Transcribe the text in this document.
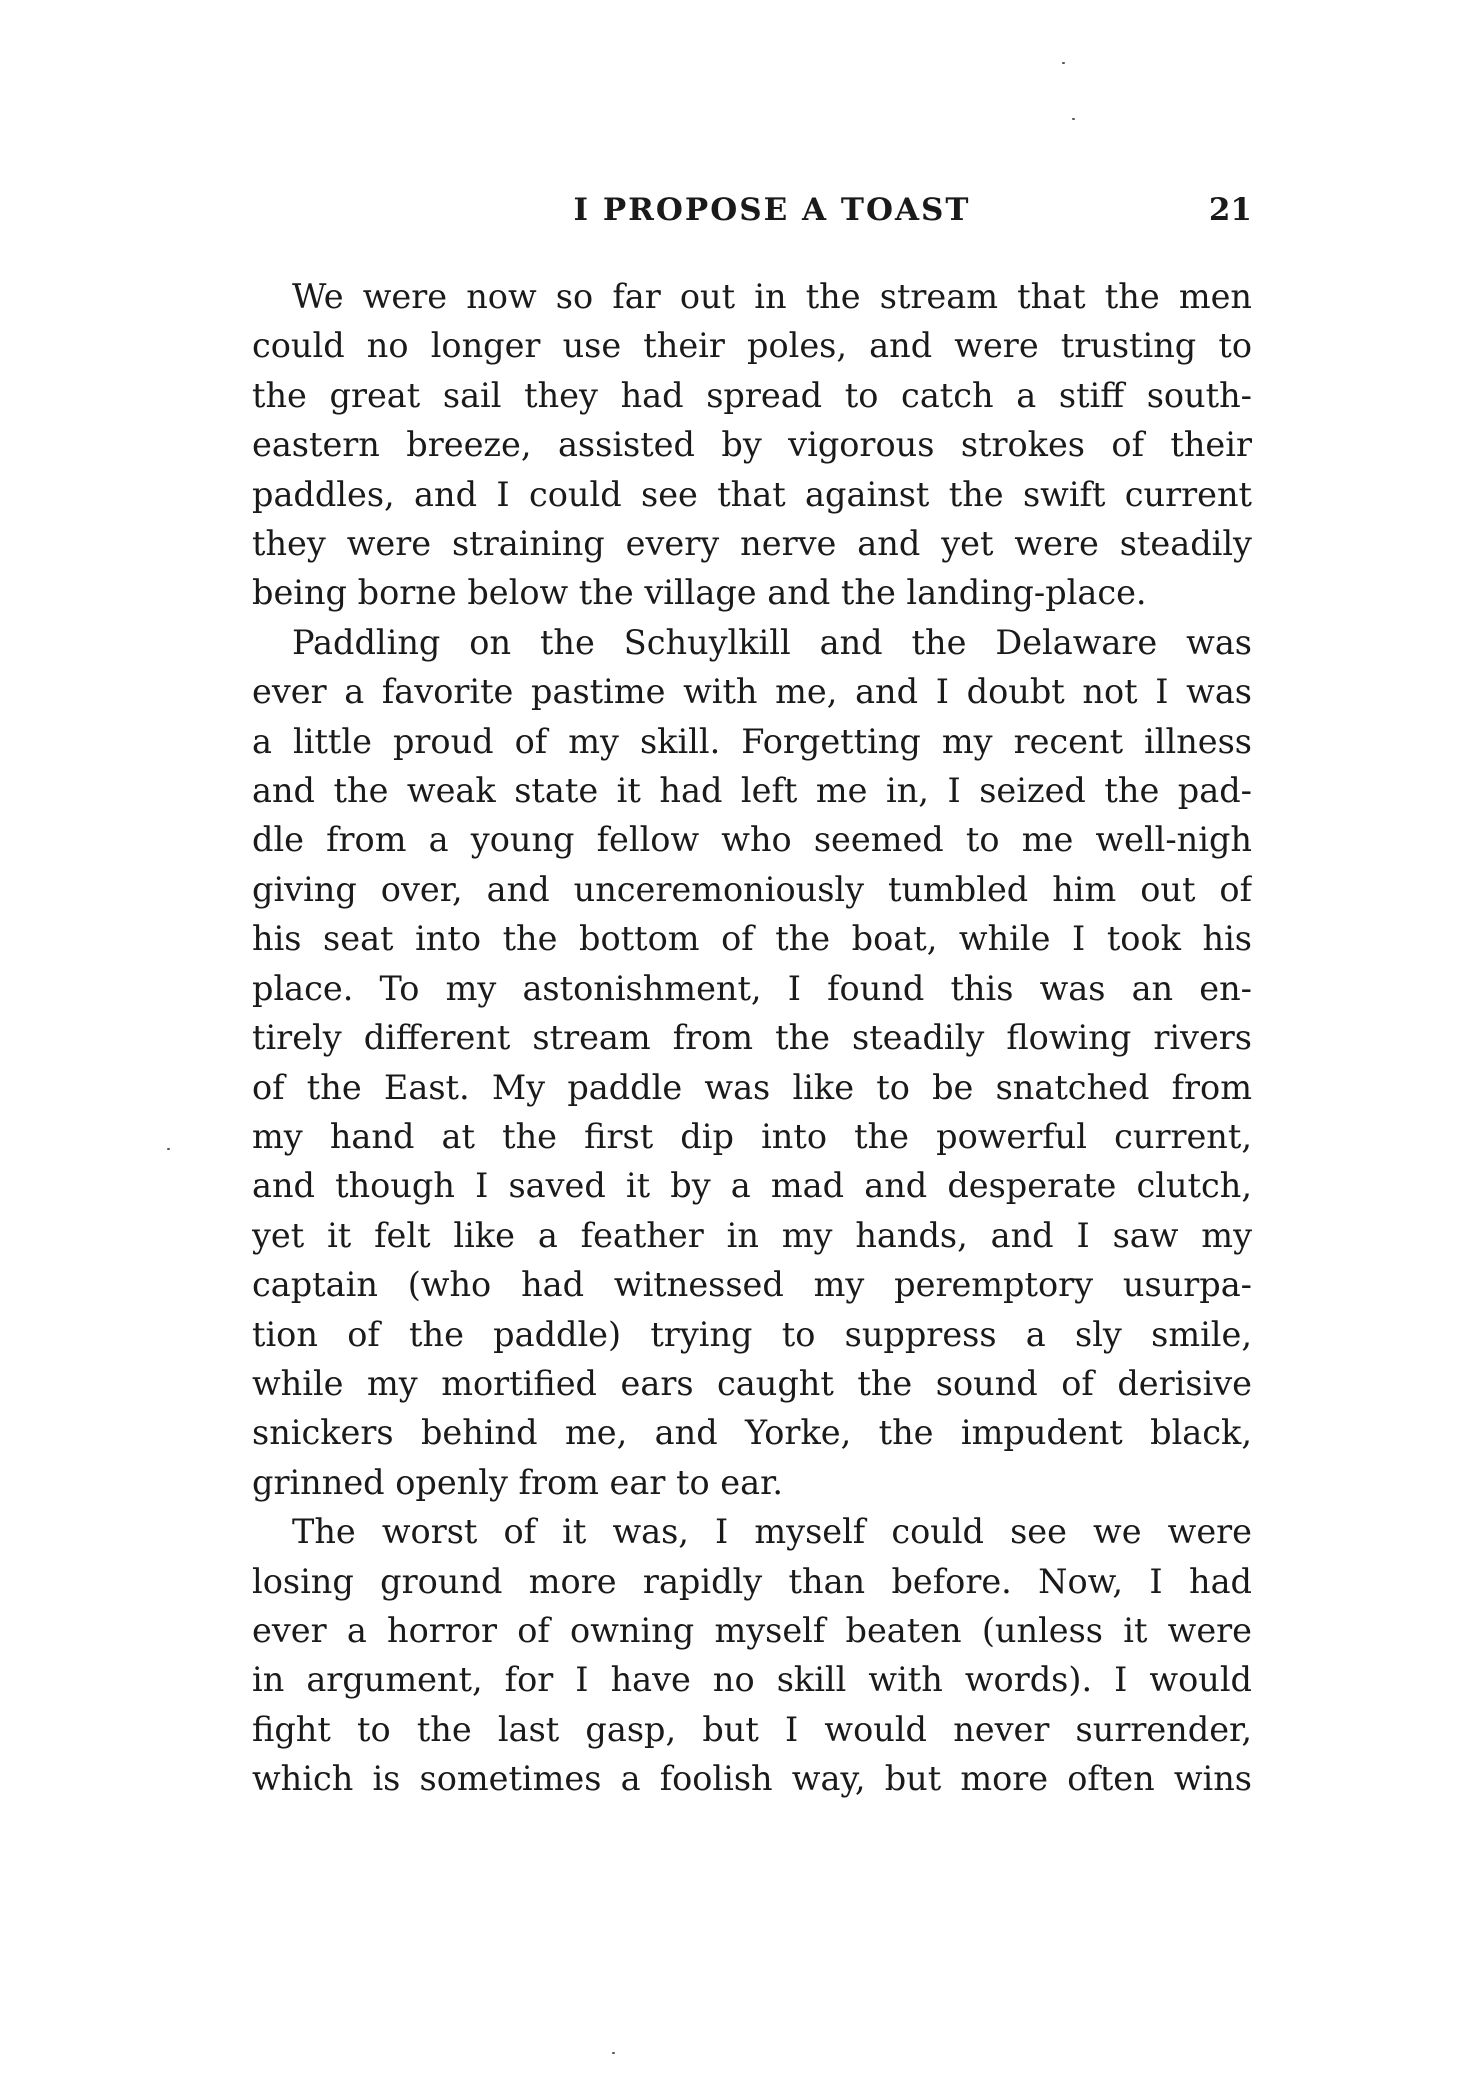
I PROPOSE A TOAST	21
We were now so far out in the stream that the men
could no longer use their poles, and were trusting to
the great sail they had spread to catch a stiff south-
eastern breeze, assisted by vigorous strokes of their
paddles, and I could see that against the swift current
they were straining every nerve and yet were steadily
being borne below the village and the landing-place.
Paddling on the Schuylkill and the Delaware was
ever a favorite pastime with me, and I doubt not I was
a little proud of my skill. Forgetting my recent illness
and the weak state it had left me in, I seized the pad-
dle from a young fellow who seemed to me well-nigh
giving over, and unceremoniously tumbled him out of
his seat into the bottom of the boat, while I took his
place. To my astonishment, I found this was an en-
tirely different stream from the steadily flowing rivers
of the East. My paddle was like to be snatched from
my hand at the first dip into the powerful current,
and though I saved it by a mad and desperate clutch,
yet it felt like a feather in my hands, and I saw my
captain (who had witnessed my peremptory usurpa-
tion of the paddle) trying to suppress a sly smile,
while my mortified ears caught the sound of derisive
snickers behind me, and Yorke, the impudent black,
grinned openly from ear to ear.
The worst of it was, I myself could see we were
losing ground more rapidly than before. Now, I had
ever a horror of owning myself beaten (unless it were
in argument, for I have no skill with words). I would
fight to the last gasp, but I would never surrender,
which is sometimes a foolish way, but more often wins
